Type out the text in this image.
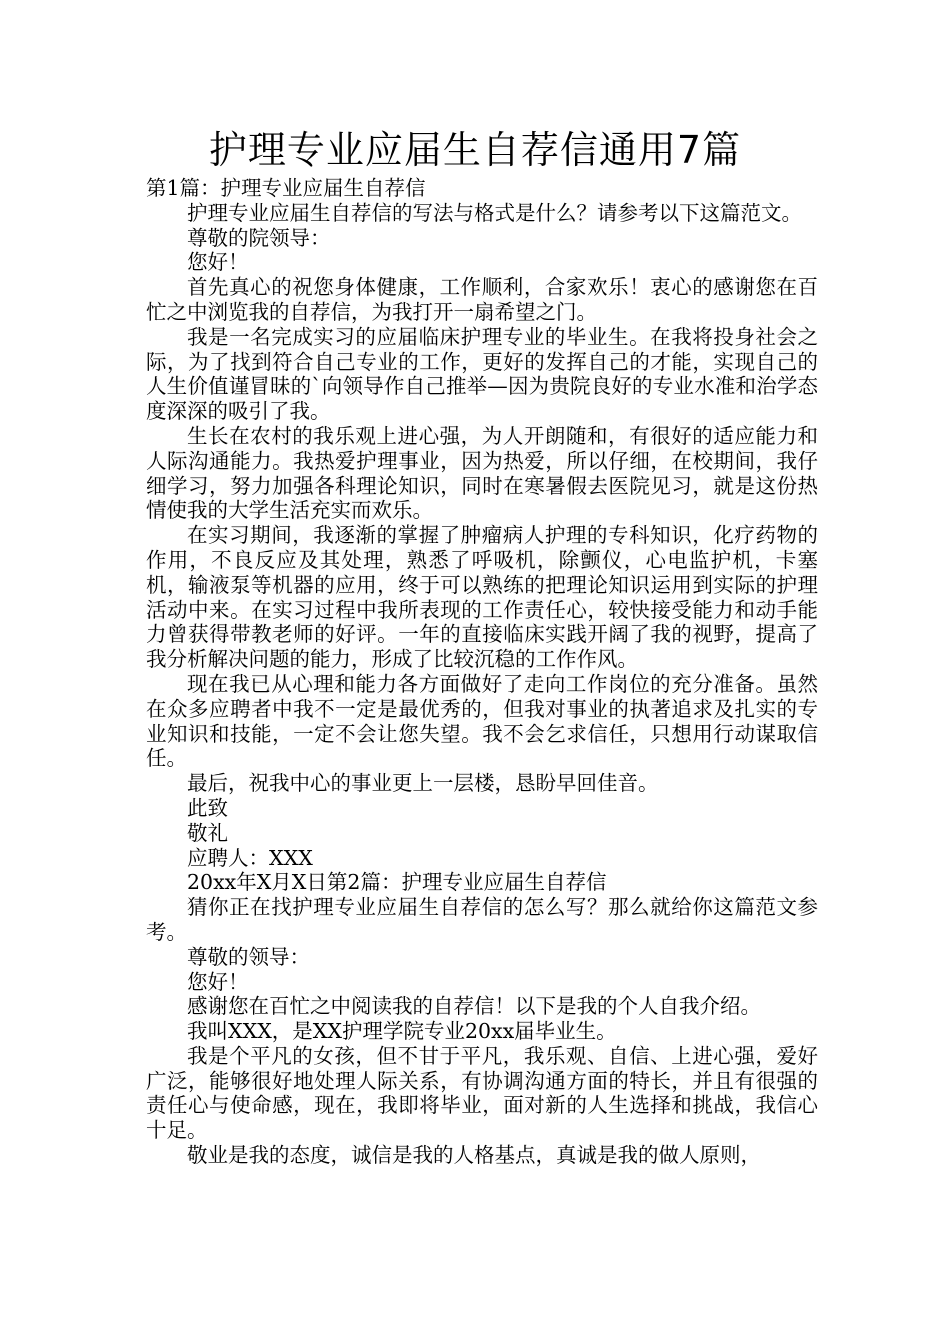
护理专业应届生自荐信通用7篇

第1篇：护理专业应届生自荐信

护理专业应届生自荐信的写法与格式是什么？请参考以下这篇范文。

尊敬的院领导：

您好！

首先真心的祝您身体健康，工作顺利，合家欢乐！衷心的感谢您在百忙之中浏览我的自荐信，为我打开一扇希望之门。

我是一名完成实习的应届临床护理专业的毕业生。在我将投身社会之际，为了找到符合自己专业的工作，更好的发挥自己的才能，实现自己的人生价值谨冒昧的`向领导作自己推举—因为贵院良好的专业水准和治学态度深深的吸引了我。

生长在农村的我乐观上进心强，为人开朗随和，有很好的适应能力和人际沟通能力。我热爱护理事业，因为热爱，所以仔细，在校期间，我仔细学习，努力加强各科理论知识，同时在寒暑假去医院见习，就是这份热情使我的大学生活充实而欢乐。

在实习期间，我逐渐的掌握了肿瘤病人护理的专科知识，化疗药物的作用，不良反应及其处理，熟悉了呼吸机，除颤仪，心电监护机，卡塞机，输液泵等机器的应用，终于可以熟练的把理论知识运用到实际的护理活动中来。在实习过程中我所表现的工作责任心，较快接受能力和动手能力曾获得带教老师的好评。一年的直接临床实践开阔了我的视野，提高了我分析解决问题的能力，形成了比较沉稳的工作作风。

现在我已从心理和能力各方面做好了走向工作岗位的充分准备。虽然在众多应聘者中我不一定是最优秀的，但我对事业的执著追求及扎实的专业知识和技能，一定不会让您失望。我不会乞求信任，只想用行动谋取信任。

最后，祝我中心的事业更上一层楼，恳盼早回佳音。

此致

敬礼

应聘人：XXX

20xx年X月X日第2篇：护理专业应届生自荐信

猜你正在找护理专业应届生自荐信的怎么写？那么就给你这篇范文参考。

尊敬的领导：

您好！

感谢您在百忙之中阅读我的自荐信！以下是我的个人自我介绍。

我叫XXX，是XX护理学院专业20xx届毕业生。

我是个平凡的女孩，但不甘于平凡，我乐观、自信、上进心强，爱好广泛，能够很好地处理人际关系，有协调沟通方面的特长，并且有很强的责任心与使命感，现在，我即将毕业，面对新的人生选择和挑战，我信心十足。

敬业是我的态度，诚信是我的人格基点，真诚是我的做人原则，
